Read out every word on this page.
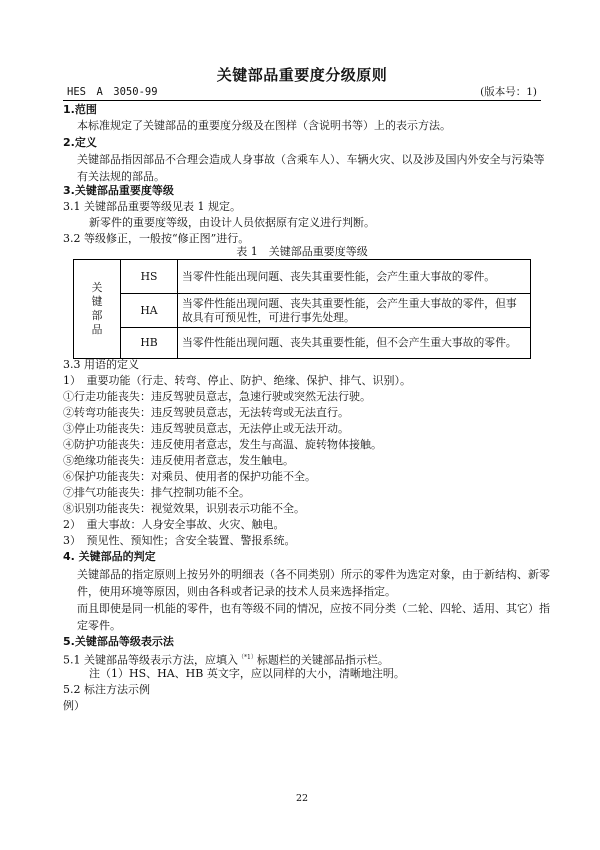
关键部品重要度分级原则
HES　A　3050-99	(版本号：1)
1.范围
本标准规定了关键部品的重要度分级及在图样（含说明书等）上的表示方法。
2.定义
关键部品指因部品不合理会造成人身事故（含乘车人）、车辆火灾、以及涉及国内外安全与污染等有关法规的部品。
3.关键部品重要度等级
3.1 关键部品重要等级见表 1 规定。
新零件的重要度等级，由设计人员依据原有定义进行判断。
3.2 等级修正，一般按“修正图”进行。
表 1　关键部品重要度等级
关键部品	HS	当零件性能出现问题、丧失其重要性能，会产生重大事故的零件。
	HA	当零件性能出现问题、丧失其重要性能，会产生重大事故的零件，但事故具有可预见性，可进行事先处理。
	HB	当零件性能出现问题、丧失其重要性能，但不会产生重大事故的零件。
3.3 用语的定义
1）　重要功能（行走、转弯、停止、防护、绝缘、保护、排气、识别）。
①行走功能丧失：违反驾驶员意志，急速行驶或突然无法行驶。
②转弯功能丧失：违反驾驶员意志，无法转弯或无法直行。
③停止功能丧失：违反驾驶员意志，无法停止或无法开动。
④防护功能丧失：违反使用者意志，发生与高温、旋转物体接触。
⑤绝缘功能丧失：违反使用者意志，发生触电。
⑥保护功能丧失：对乘员、使用者的保护功能不全。
⑦排气功能丧失：排气控制功能不全。
⑧识别功能丧失：视觉效果，识别表示功能不全。
2）　重大事故：人身安全事故、火灾、触电。
3）　预见性、预知性；含安全装置、警报系统。
4. 关键部品的判定
关键部品的指定原则上按另外的明细表（各不同类别）所示的零件为选定对象，由于新结构、新零件，使用环境等原因，则由各科或者记录的技术人员来选择指定。
而且即使是同一机能的零件，也有等级不同的情况，应按不同分类（二轮、四轮、适用、其它）指定零件。
5.关键部品等级表示法
5.1 关键部品等级表示方法，应填入$^{(*1)}$标题栏的关键部品指示栏。
注（1）HS、HA、HB 英文字，应以同样的大小，清晰地注明。
5.2 标注方法示例
例）
22
